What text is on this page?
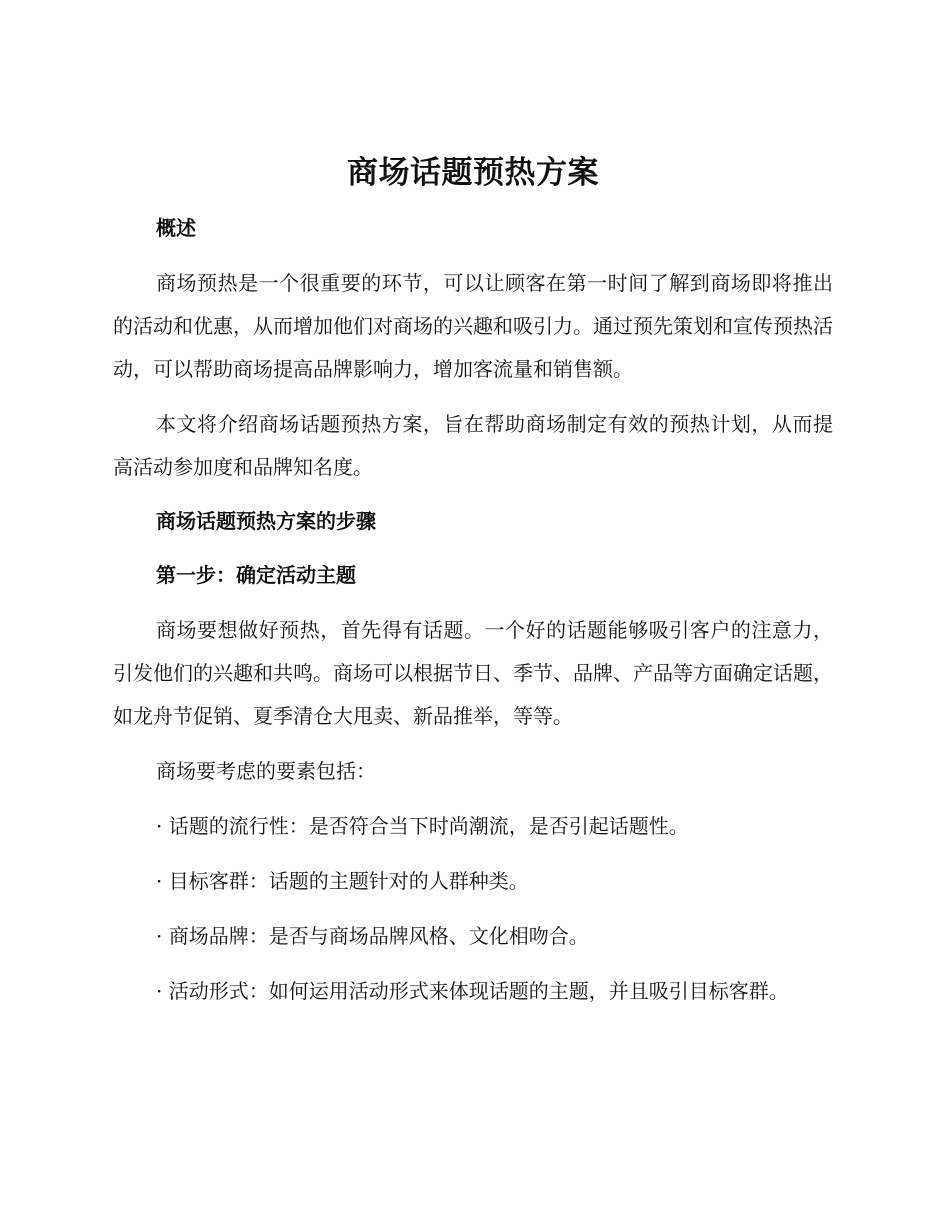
商场话题预热方案
概述

商场预热是一个很重要的环节，可以让顾客在第一时间了解到商场即将推出的活动和优惠，从而增加他们对商场的兴趣和吸引力。通过预先策划和宣传预热活动，可以帮助商场提高品牌影响力，增加客流量和销售额。

本文将介绍商场话题预热方案，旨在帮助商场制定有效的预热计划，从而提高活动参加度和品牌知名度。

商场话题预热方案的步骤
第一步：确定活动主题

商场要想做好预热，首先得有话题。一个好的话题能够吸引客户的注意力，引发他们的兴趣和共鸣。商场可以根据节日、季节、品牌、产品等方面确定话题，如龙舟节促销、夏季清仓大甩卖、新品推举，等等。

商场要考虑的要素包括：

· 话题的流行性：是否符合当下时尚潮流，是否引起话题性。

· 目标客群：话题的主题针对的人群种类。

· 商场品牌：是否与商场品牌风格、文化相吻合。

· 活动形式：如何运用活动形式来体现话题的主题，并且吸引目标客群。
